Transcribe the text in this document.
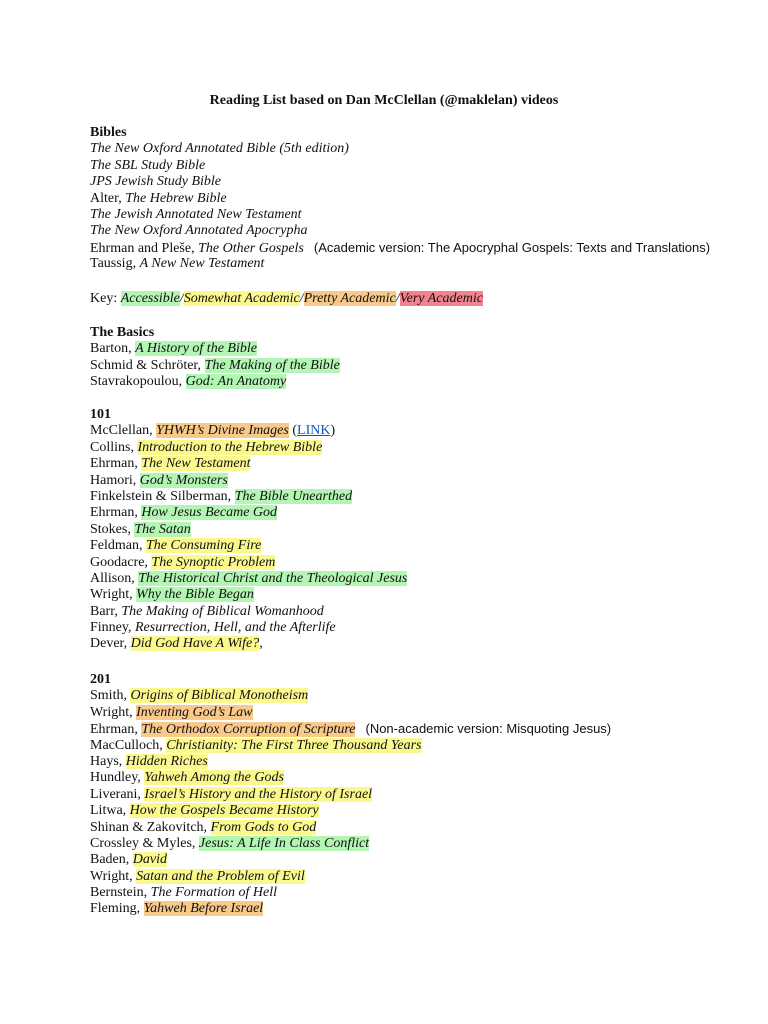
Reading List based on Dan McClellan (@maklelan) videos

Bibles
The New Oxford Annotated Bible (5th edition)
The SBL Study Bible
JPS Jewish Study Bible
Alter, The Hebrew Bible
The Jewish Annotated New Testament
The New Oxford Annotated Apocrypha
Ehrman and Pleše, The Other Gospels (Academic version: The Apocryphal Gospels: Texts and Translations)
Taussig, A New New Testament
Key: Accessible/Somewhat Academic/Pretty Academic/Very Academic
The Basics
Barton, A History of the Bible
Schmid & Schröter, The Making of the Bible
Stavrakopoulou, God: An Anatomy
101
McClellan, YHWH’s Divine Images (LINK)
Collins, Introduction to the Hebrew Bible
Ehrman, The New Testament
Hamori, God’s Monsters
Finkelstein & Silberman, The Bible Unearthed
Ehrman, How Jesus Became God
Stokes, The Satan
Feldman, The Consuming Fire
Goodacre, The Synoptic Problem
Allison, The Historical Christ and the Theological Jesus
Wright, Why the Bible Began
Barr, The Making of Biblical Womanhood
Finney, Resurrection, Hell, and the Afterlife
Dever, Did God Have A Wife?,
201
Smith, Origins of Biblical Monotheism
Wright, Inventing God’s Law
Ehrman, The Orthodox Corruption of Scripture (Non-academic version: Misquoting Jesus)
MacCulloch, Christianity: The First Three Thousand Years
Hays, Hidden Riches
Hundley, Yahweh Among the Gods
Liverani, Israel’s History and the History of Israel
Litwa, How the Gospels Became History
Shinan & Zakovitch, From Gods to God
Crossley & Myles, Jesus: A Life In Class Conflict
Baden, David
Wright, Satan and the Problem of Evil
Bernstein, The Formation of Hell
Fleming, Yahweh Before Israel
